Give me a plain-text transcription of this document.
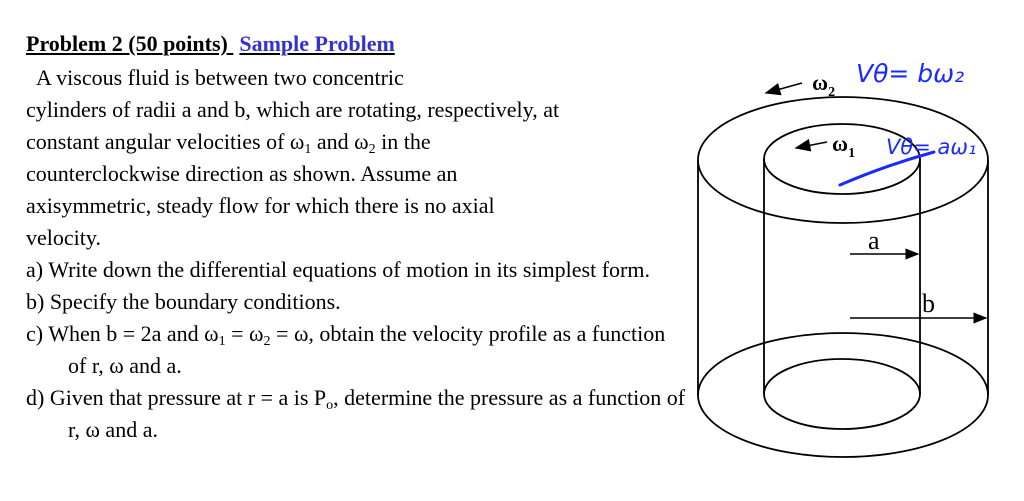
Problem 2 (50 points) Sample Problem

A viscous fluid is between two concentric

cylinders of radii a and b, which are rotating, respectively, at

constant angular velocities of $\omega_1$ and $\omega_2$ in the

counterclockwise direction as shown. Assume an

axisymmetric, steady flow for which there is no axial

velocity.

a) Write down the differential equations of motion in its simplest form.
b) Specify the boundary conditions.
c) When b = 2a and $\omega_1 = \omega_2 = \omega$, obtain the velocity profile as a function of r, ω and a.
d) Given that pressure at r = a is $P_o$, determine the pressure as a function of r, ω and a.
$\omega_2$
$\omega_1$
a
b
Vθ= bω₂
Vθ= aω₁
